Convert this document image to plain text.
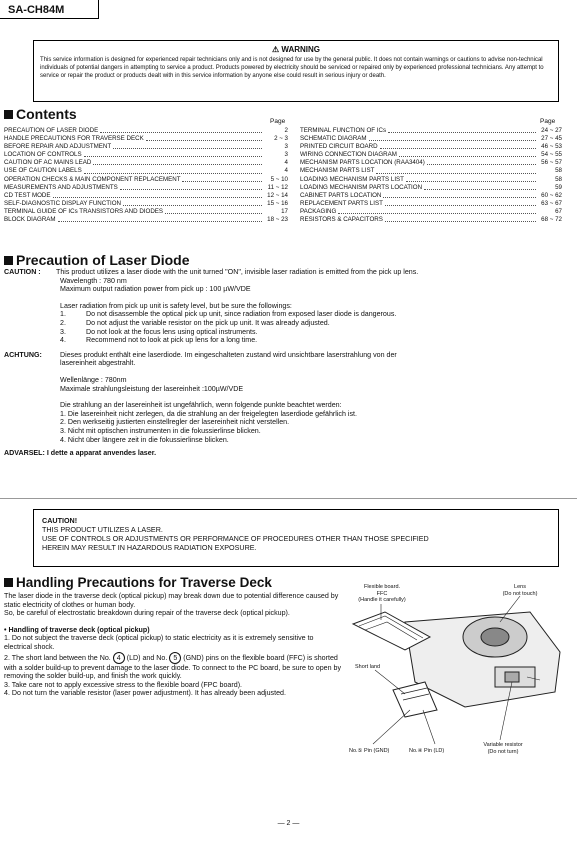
SA-CH84M
⚠ WARNING
This service information is designed for experienced repair technicians only and is not designed for use by the general public. It does not contain warnings or cautions to advise non-technical individuals of potential dangers in attempting to service a product. Products powered by electricity should be serviced or repaired only by experienced professional technicians. Any attempt to service or repair the product or products dealt with in this service information by anyone else could result in serious injury or death.
Contents	Page	Page
PRECAUTION OF LASER DIODE	2
HANDLE PRECAUTIONS FOR TRAVERSE DECK	2 ~ 3
BEFORE REPAIR AND ADJUSTMENT	3
LOCATION OF CONTROLS	3
CAUTION OF AC MAINS LEAD	4
USE OF CAUTION LABELS	4
OPERATION CHECKS & MAIN COMPONENT REPLACEMENT	5 ~ 10
MEASUREMENTS AND ADJUSTMENTS	11 ~ 12
CD TEST MODE	12 ~ 14
SELF-DIAGNOSTIC DISPLAY FUNCTION	15 ~ 16
TERMINAL GUIDE OF ICs TRANSISTORS AND DIODES	17
BLOCK DIAGRAM	18 ~ 23
TERMINAL FUNCTION OF ICs	24 ~ 27
SCHEMATIC DIAGRAM	27 ~ 45
PRINTED CIRCUIT BOARD	46 ~ 53
WIRING CONNECTION DIAGRAM	54 ~ 55
MECHANISM PARTS LOCATION (RAA3404)	56 ~ 57
MECHANISM PARTS LIST	58
LOADING MECHANISM PARTS LIST	58
LOADING MECHANISM PARTS LOCATION	59
CABINET PARTS LOCATION	60 ~ 62
REPLACEMENT PARTS LIST	63 ~ 67
PACKAGING	67
RESISTORS & CAPACITORS	68 ~ 72
Precaution of Laser Diode
CAUTION :	This product utilizes a laser diode with the unit turned "ON", invisible laser radiation is emitted from the pick up lens.
Wavelength : 780 nm
Maximum output radiation power from pick up : 100 µW/VDE
Laser radiation from pick up unit is safety level, but be sure the followings:
1.	Do not disassemble the optical pick up unit, since radiation from exposed laser diode is dangerous.
2.	Do not adjust the variable resistor on the pick up unit. It was already adjusted.
3.	Do not look at the focus lens using optical instruments.
4.	Recommend not to look at pick up lens for a long time.
ACHTUNG:	Dieses produkt enthält eine laserdiode. Im eingeschalteten zustand wird unsichtbare laserstrahlung von der
lasereinheit abgestrahlt.
Wellenlänge : 780nm
Maximale strahlungsleistung der lasereinheit :100µW/VDE
Die strahlung an der lasereinheit ist ungefährlich, wenn folgende punkte beachtet werden:
1. Die lasereinheit nicht zerlegen, da die strahlung an der freigelegten laserdiode gefährlich ist.
2. Den werkseitig justierten einstellregler der lasereinheit nicht verstellen.
3. Nicht mit optischen instrumenten in die fokussierlinse blicken.
4. Nicht über längere zeit in die fokussierlinse blicken.
ADVARSEL: I dette a apparat anvendes laser.
CAUTION!
THIS PRODUCT UTILIZES A LASER.
USE OF CONTROLS OR ADJUSTMENTS OR PERFORMANCE OF PROCEDURES OTHER THAN THOSE SPECIFIED
HEREIN MAY RESULT IN HAZARDOUS RADIATION EXPOSURE.
Handling Precautions for Traverse Deck
The laser diode in the traverse deck (optical pickup) may break down due to potential difference caused by static electricity of clothes or human body.
So, be careful of electrostatic breakdown during repair of the traverse deck (optical pickup).
• Handling of traverse deck (optical pickup)
1. Do not subject the traverse deck (optical pickup) to static electricity as it is extremely sensitive to electrical shock.
2. The short land between the No. 4 (LD) and No. 5 (GND) pins on the flexible board (FFC) is shorted with a solder build-up to prevent damage to the laser diode. To connect to the PC board, be sure to open by removing the solder build-up, and finish the work quickly.
3. Take care not to apply excessive stress to the flexible board (FPC board).
4. Do not turn the variable resistor (laser power adjustment). It has already been adjusted.
Flexible board.
FFC
(Handle it carefully)
Lens
(Do not touch)
Short land
No.⑤ Pin (GND)	No.④ Pin (LD)
Variable resistor
(Do not turn)
— 2 —
